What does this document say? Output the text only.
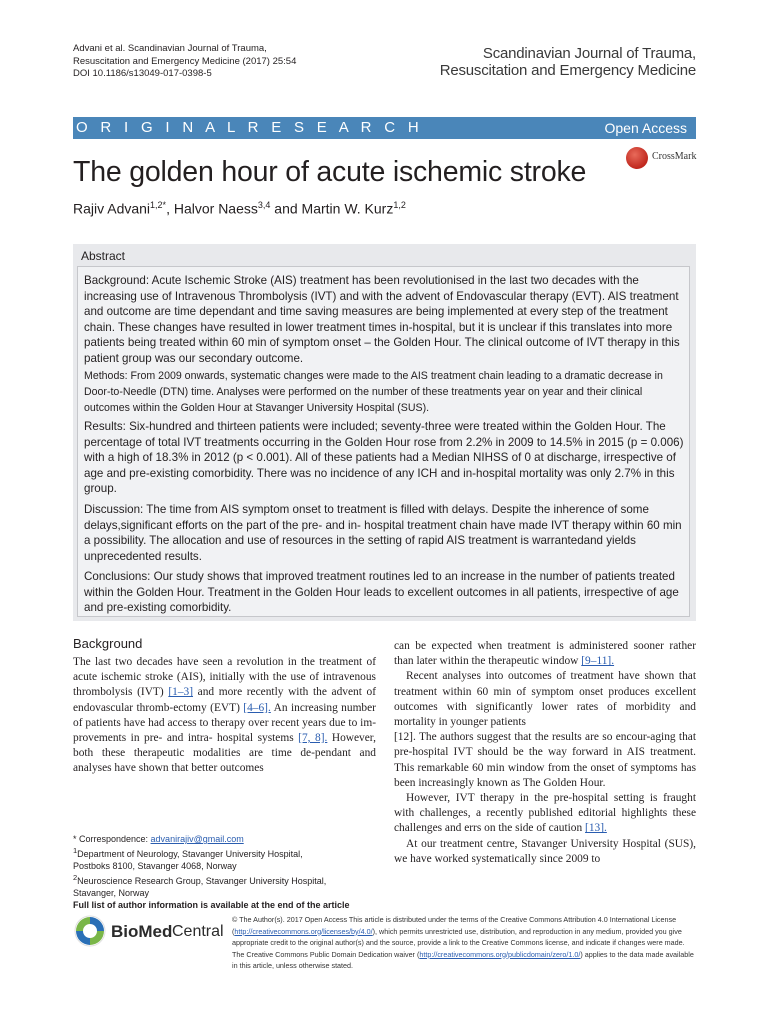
Advani et al. Scandinavian Journal of Trauma,
Resuscitation and Emergency Medicine (2017) 25:54
DOI 10.1186/s13049-017-0398-5
Scandinavian Journal of Trauma,
Resuscitation and Emergency Medicine
O R I G I N A L R E S E A R C H	Open Access
The golden hour of acute ischemic stroke	CrossMark
Rajiv Advani$^{1,2*}$, Halvor Naess$^{3,4}$ and Martin W. Kurz$^{1,2}$
Abstract

Background: Acute Ischemic Stroke (AIS) treatment has been revolutionised in the last two decades with the increasing use of Intravenous Thrombolysis (IVT) and with the advent of Endovascular therapy (EVT). AIS treatment and outcome are time dependant and time saving measures are being implemented at every step of the treatment chain. These changes have resulted in lower treatment times in-hospital, but it is unclear if this translates into more patients being treated within 60 min of symptom onset – the Golden Hour. The clinical outcome of IVT therapy in this patient group was our secondary outcome.

Methods: From 2009 onwards, systematic changes were made to the AIS treatment chain leading to a dramatic decrease in Door-to-Needle (DTN) time. Analyses were performed on the number of these treatments year on year and their clinical outcomes within the Golden Hour at Stavanger University Hospital (SUS).

Results: Six-hundred and thirteen patients were included; seventy-three were treated within the Golden Hour. The percentage of total IVT treatments occurring in the Golden Hour rose from 2.2% in 2009 to 14.5% in 2015 (p = 0.006) with a high of 18.3% in 2012 (p < 0.001). All of these patients had a Median NIHSS of 0 at discharge, irrespective of age and pre-existing comorbidity. There was no incidence of any ICH and in-hospital mortality was only 2.7% in this group.

Discussion: The time from AIS symptom onset to treatment is filled with delays. Despite the inherence of some delays,significant efforts on the part of the pre- and in- hospital treatment chain have made IVT therapy within 60 min a possibility. The allocation and use of resources in the setting of rapid AIS treatment is warrantedand yields unprecedented results.

Conclusions: Our study shows that improved treatment routines led to an increase in the number of patients treated within the Golden Hour. Treatment in the Golden Hour leads to excellent outcomes in all patients, irrespective of age and pre-existing comorbidity.

Background

The last two decades have seen a revolution in the treatment of acute ischemic stroke (AIS), initially with the use of intravenous thrombolysis (IVT) [1–3] and more recently with the advent of endovascular thromb-ectomy (EVT) [4–6]. An increasing number of patients have had access to therapy over recent years due to im-provements in pre- and intra- hospital systems [7, 8]. However, both these therapeutic modalities are time de-pendant and analyses have shown that better outcomes

can be expected when treatment is administered sooner rather than later within the therapeutic window [9–11].

Recent analyses into outcomes of treatment have shown that treatment within 60 min of symptom onset produces excellent outcomes with significantly lower rates of morbidity and mortality in younger patients

[12]. The authors suggest that the results are so encour-aging that pre-hospital IVT should be the way forward in AIS treatment. This remarkable 60 min window from the onset of symptoms has been increasingly known as The Golden Hour.

However, IVT therapy in the pre-hospital setting is fraught with challenges, a recently published editorial highlights these challenges and errs on the side of caution [13].

At our treatment centre, Stavanger University Hospital (SUS), we have worked systematically since 2009 to

* Correspondence: advanirajiv@gmail.com

$^1$Department of Neurology, Stavanger University Hospital,

Postboks 8100, Stavanger 4068, Norway

$^2$Neuroscience Research Group, Stavanger University Hospital,

Stavanger, Norway

Full list of author information is available at the end of the article

BioMed Central
© The Author(s). 2017 Open Access This article is distributed under the terms of the Creative Commons Attribution 4.0 International License (http://creativecommons.org/licenses/by/4.0/), which permits unrestricted use, distribution, and reproduction in any medium, provided you give appropriate credit to the original author(s) and the source, provide a link to the Creative Commons license, and indicate if changes were made. The Creative Commons Public Domain Dedication waiver (http://creativecommons.org/publicdomain/zero/1.0/) applies to the data made available in this article, unless otherwise stated.
